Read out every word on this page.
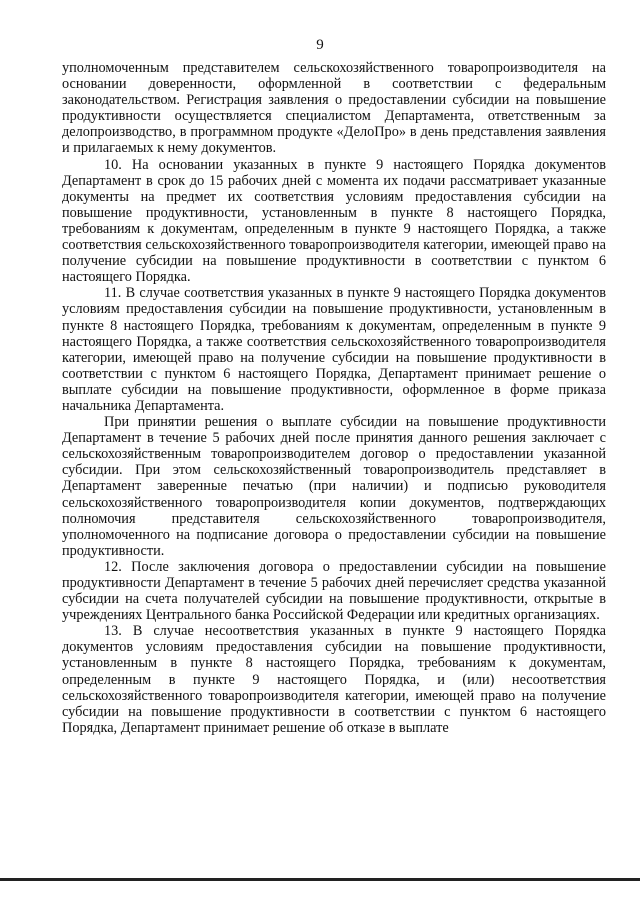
9

уполномоченным представителем сельскохозяйственного товаропроизводителя на основании доверенности, оформленной в соответствии с федеральным законодательством. Регистрация заявления о предоставлении субсидии на повышение продуктивности осуществляется специалистом Департамента, ответственным за делопроизводство, в программном продукте «ДелоПро» в день представления заявления и прилагаемых к нему документов.

10. На основании указанных в пункте 9 настоящего Порядка документов Департамент в срок до 15 рабочих дней с момента их подачи рассматривает указанные документы на предмет их соответствия условиям предоставления субсидии на повышение продуктивности, установленным в пункте 8 настоящего Порядка, требованиям к документам, определенным в пункте 9 настоящего Порядка, а также соответствия сельскохозяйственного товаропроизводителя категории, имеющей право на получение субсидии на повышение продуктивности в соответствии с пунктом 6 настоящего Порядка.

11. В случае соответствия указанных в пункте 9 настоящего Порядка документов условиям предоставления субсидии на повышение продуктивности, установленным в пункте 8 настоящего Порядка, требованиям к документам, определенным в пункте 9 настоящего Порядка, а также соответствия сельскохозяйственного товаропроизводителя категории, имеющей право на получение субсидии на повышение продуктивности в соответствии с пунктом 6 настоящего Порядка, Департамент принимает решение о выплате субсидии на повышение продуктивности, оформленное в форме приказа начальника Департамента.

При принятии решения о выплате субсидии на повышение продуктивности Департамент в течение 5 рабочих дней после принятия данного решения заключает с сельскохозяйственным товаропроизводителем договор о предоставлении указанной субсидии. При этом сельскохозяйственный товаропроизводитель представляет в Департамент заверенные печатью (при наличии) и подписью руководителя сельскохозяйственного товаропроизводителя копии документов, подтверждающих полномочия представителя сельскохозяйственного товаропроизводителя, уполномоченного на подписание договора о предоставлении субсидии на повышение продуктивности.

12. После заключения договора о предоставлении субсидии на повышение продуктивности Департамент в течение 5 рабочих дней перечисляет средства указанной субсидии на счета получателей субсидии на повышение продуктивности, открытые в учреждениях Центрального банка Российской Федерации или кредитных организациях.

13. В случае несоответствия указанных в пункте 9 настоящего Порядка документов условиям предоставления субсидии на повышение продуктивности, установленным в пункте 8 настоящего Порядка, требованиям к документам, определенным в пункте 9 настоящего Порядка, и (или) несоответствия сельскохозяйственного товаропроизводителя категории, имеющей право на получение субсидии на повышение продуктивности в соответствии с пунктом 6 настоящего Порядка, Департамент принимает решение об отказе в выплате
